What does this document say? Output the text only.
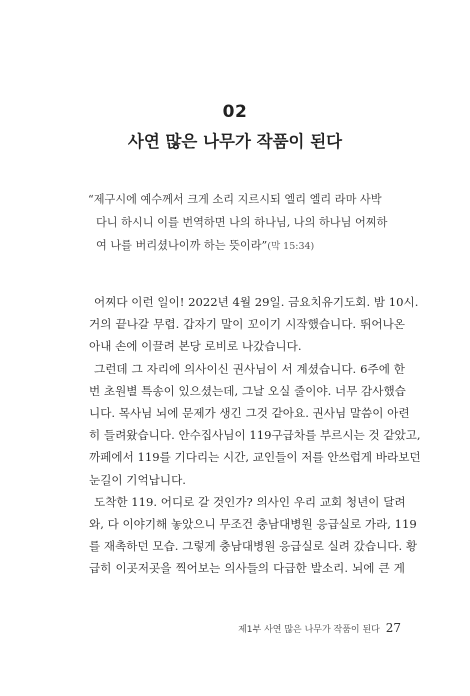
02
사연 많은 나무가 작품이 된다
“제구시에 예수께서 크게 소리 지르시되 엘리 엘리 라마 사박
다니 하시니 이를 번역하면 나의 하나님, 나의 하나님 어찌하
여 나를 버리셨나이까 하는 뜻이라”(막 15:34)
어찌다 이런 일이! 2022년 4월 29일. 금요치유기도회. 밤 10시.
거의 끝나갈 무렵. 갑자기 말이 꼬이기 시작했습니다. 뛰어나온
아내 손에 이끌려 본당 로비로 나갔습니다.
그런데 그 자리에 의사이신 권사님이 서 계셨습니다. 6주에 한
번 초원별 특송이 있으셨는데, 그날 오실 줄이야. 너무 감사했습
니다. 목사님 뇌에 문제가 생긴 그것 같아요. 권사님 말씀이 아련
히 들려왔습니다. 안수집사님이 119구급차를 부르시는 것 같았고,
까페에서 119를 기다리는 시간, 교인들이 저를 안쓰럽게 바라보던
눈길이 기억납니다.
도착한 119. 어디로 갈 것인가? 의사인 우리 교회 청년이 달려
와, 다 이야기해 놓았으니 무조건 충남대병원 응급실로 가라, 119
를 재촉하던 모습. 그렇게 충남대병원 응급실로 실려 갔습니다. 황
급히 이곳저곳을 찍어보는 의사들의 다급한 발소리. 뇌에 큰 게
제1부 사연 많은 나무가 작품이 된다 27
